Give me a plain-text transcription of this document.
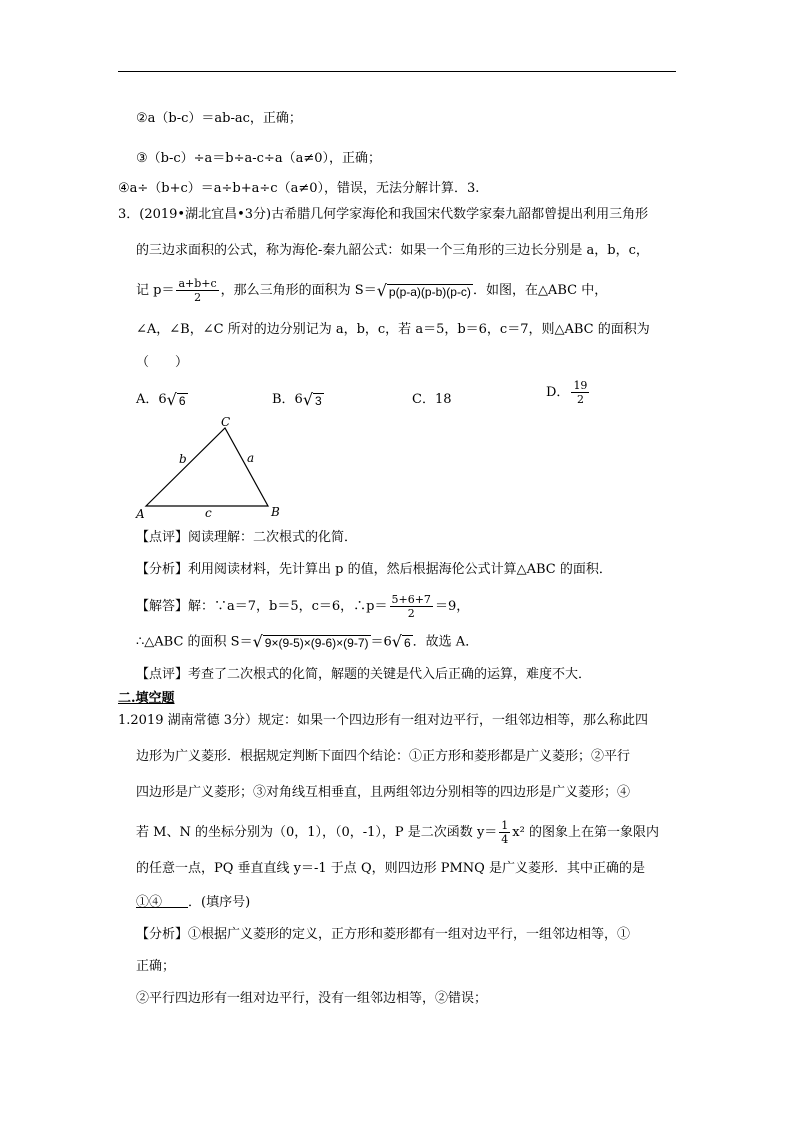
②a（b-c）＝ab-ac，正确；
③（b-c）÷a＝b÷a-c÷a（a≠0），正确；
④a÷（b+c）＝a÷b+a÷c（a≠0），错误，无法分解计算．3.
3．(2019•湖北宜昌•3分)古希腊几何学家海伦和我国宋代数学家秦九韶都曾提出利用三角形
的三边求面积的公式，称为海伦-秦九韶公式：如果一个三角形的三边长分别是 a，b，c，
记 $p= \frac{a+b+c}{2}$ ，那么三角形的面积为 S＝√ p(p-a)(p-b)(p-c) ．如图，在△ABC 中，
∠A，∠B，∠C 所对的边分别记为 a，b，c，若 a＝5，b＝6，c＝7，则△ABC 的面积为
（　　）
A．6√ 6	B．6√ 3	C．18	D． $\frac{19}{2}$
C
A	B
a
b
c
【点评】阅读理解：二次根式的化简．
【分析】利用阅读材料，先计算出 p 的值，然后根据海伦公式计算△ABC 的面积．
【解答】解：∵a＝7，b＝5，c＝6，∴p＝ $\frac{5+6+7}{2} =9$，
∴△ABC 的面积 S＝√ 9×(9-5)×(9-6)×(9-7) ＝6√ 6 ．故选 A．
【点评】考查了二次根式的化简，解题的关键是代入后正确的运算，难度不大．
二.填空题
1.2019 湖南常德 3分）规定：如果一个四边形有一组对边平行，一组邻边相等，那么称此四
边形为广义菱形．根据规定判断下面四个结论：①正方形和菱形都是广义菱形；②平行
四边形是广义菱形；③对角线互相垂直，且两组邻边分别相等的四边形是广义菱形；④
若 M、N 的坐标分别为（0，1），（0，-1），P 是二次函数 $y= \frac{1}{4} x^2$ 的图象上在第一象限内
的任意一点，PQ 垂直直线 y＝-1 于点 Q，则四边形 PMNQ 是广义菱形．其中正确的是
①④   ．(填序号)
【分析】①根据广义菱形的定义，正方形和菱形都有一组对边平行，一组邻边相等，①
正确；
②平行四边形有一组对边平行，没有一组邻边相等，②错误；
